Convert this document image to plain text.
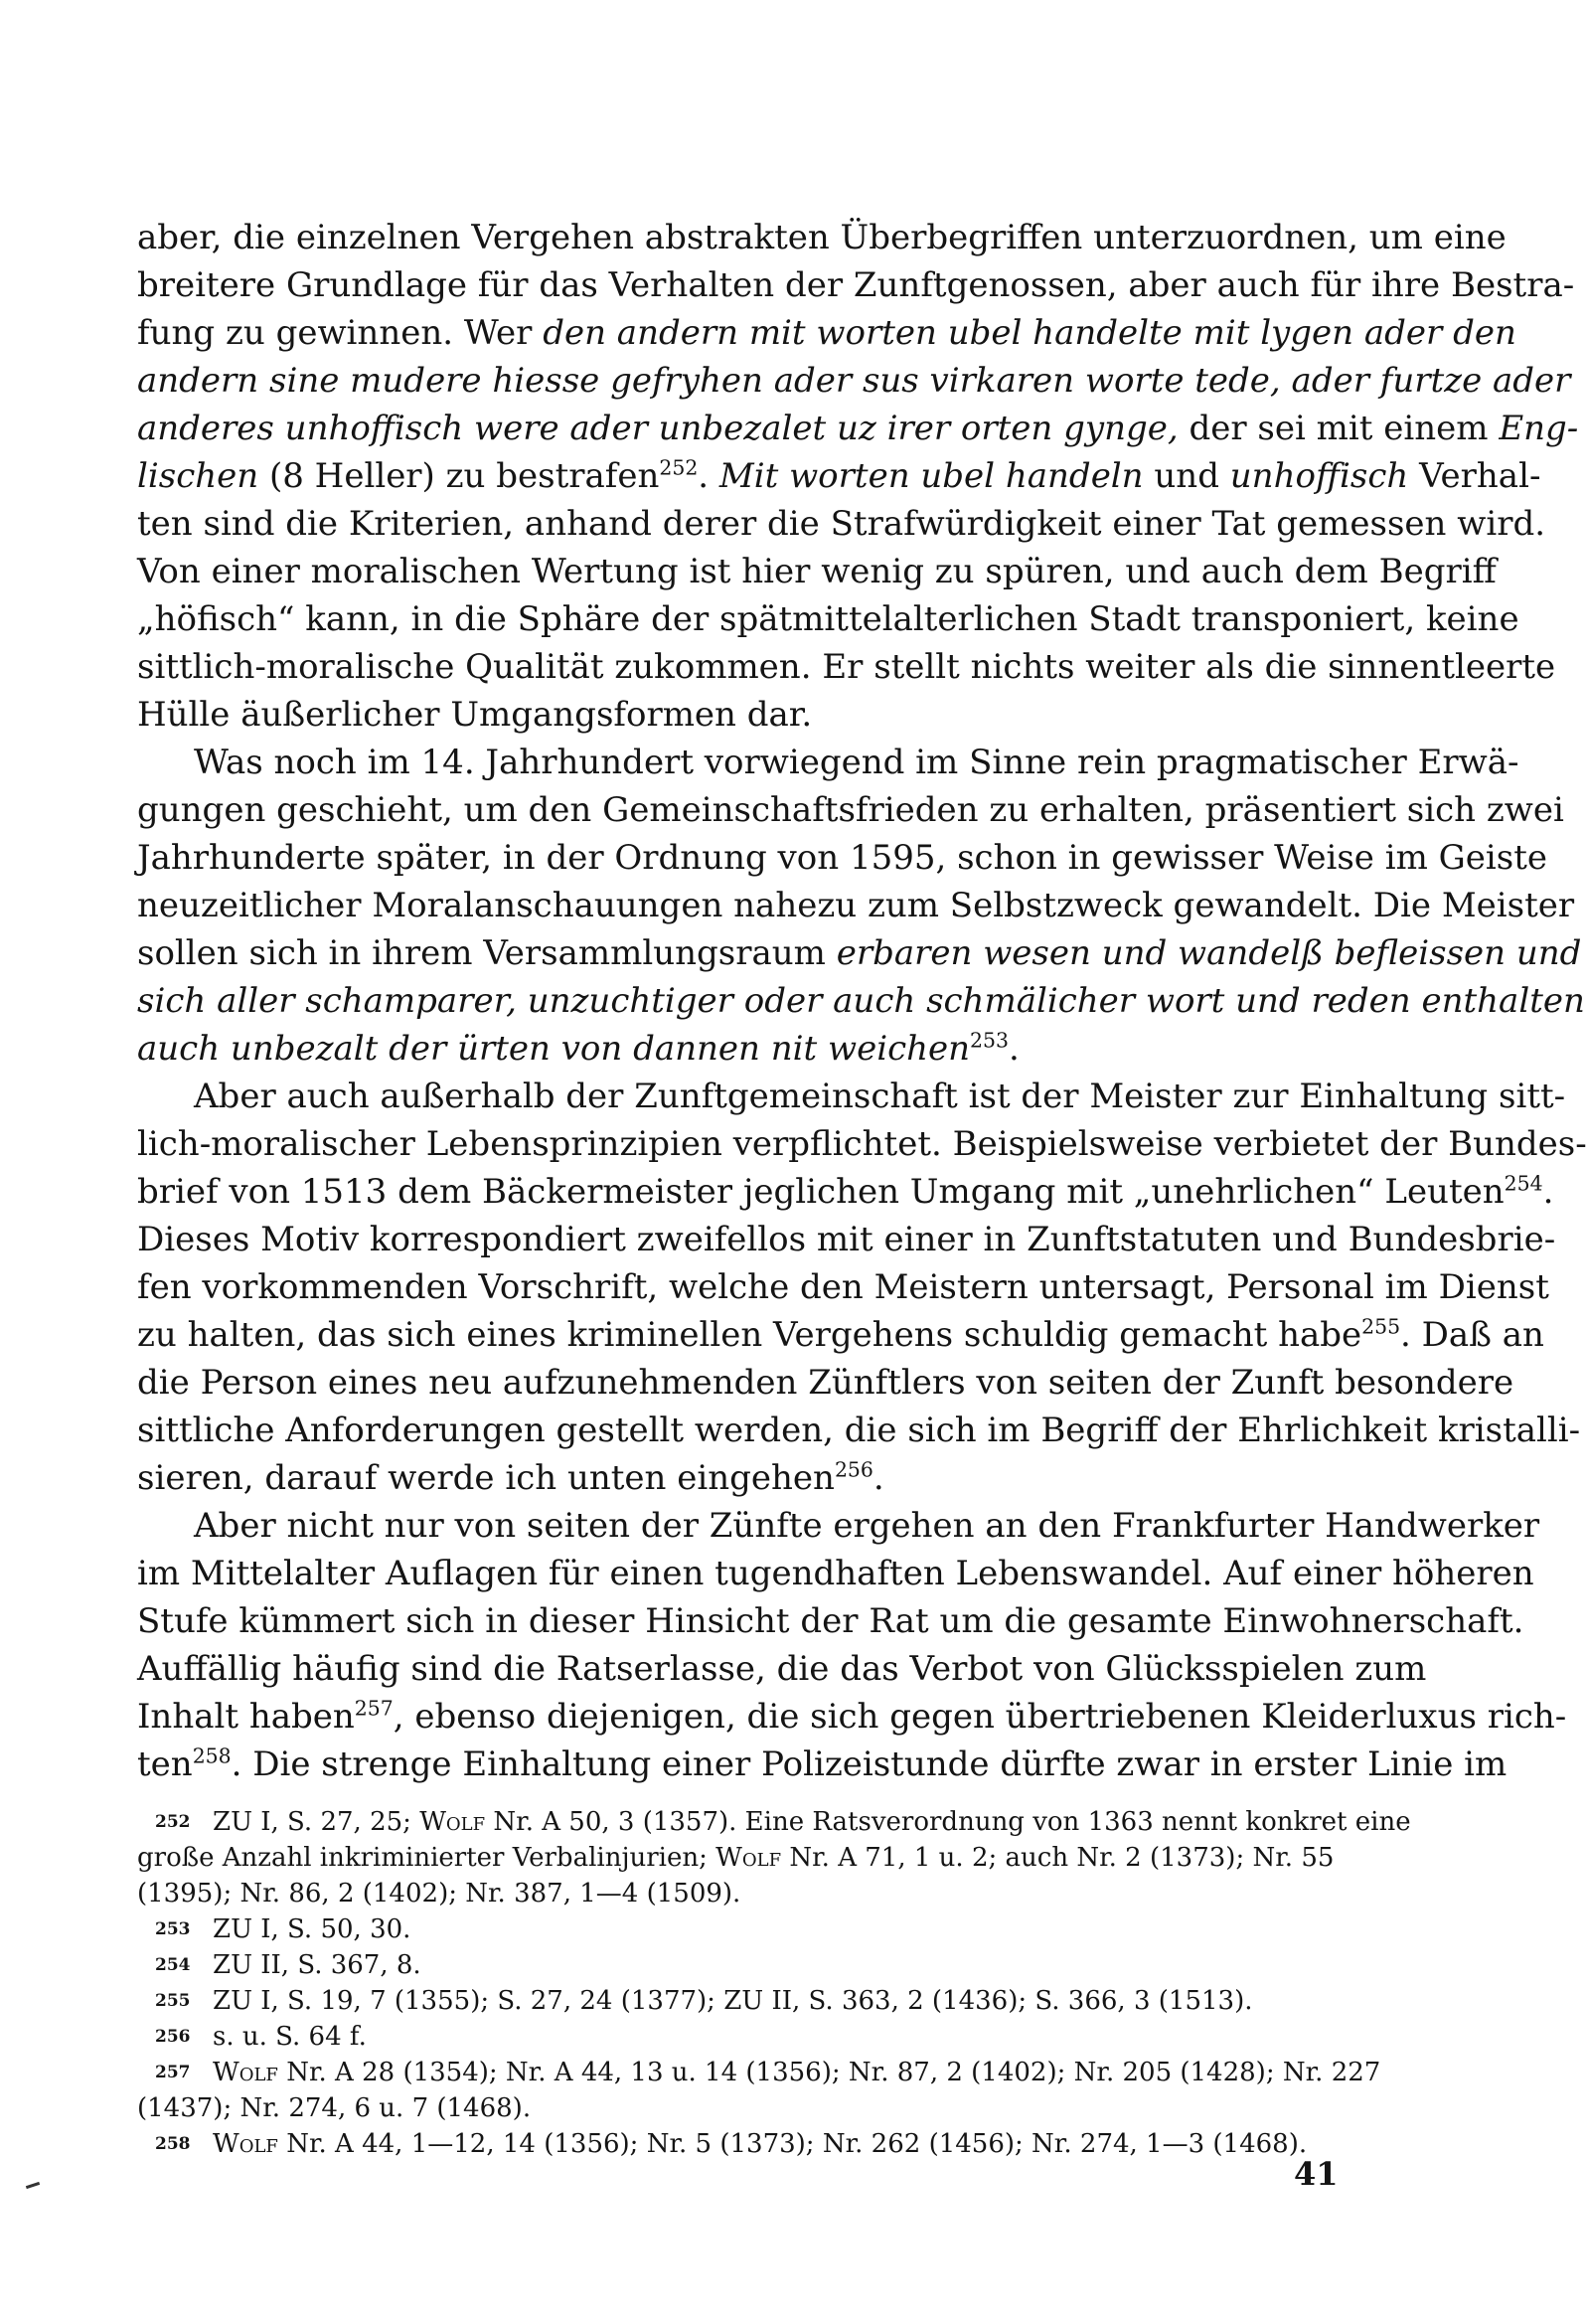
aber, die einzelnen Vergehen abstrakten Überbegriffen unterzuordnen, um eine
breitere Grundlage für das Verhalten der Zunftgenossen, aber auch für ihre Bestra-
fung zu gewinnen. Wer den andern mit worten ubel handelte mit lygen ader den
andern sine mudere hiesse gefryhen ader sus virkaren worte tede, ader furtze ader
anderes unhoffisch were ader unbezalet uz irer orten gynge, der sei mit einem Eng-
lischen (8 Heller) zu bestrafen$^{252}$. Mit worten ubel handeln und unhoffisch Verhal-
ten sind die Kriterien, anhand derer die Strafwürdigkeit einer Tat gemessen wird.
Von einer moralischen Wertung ist hier wenig zu spüren, und auch dem Begriff
„höfisch“ kann, in die Sphäre der spätmittelalterlichen Stadt transponiert, keine
sittlich-moralische Qualität zukommen. Er stellt nichts weiter als die sinnentleerte
Hülle äußerlicher Umgangsformen dar.
Was noch im 14. Jahrhundert vorwiegend im Sinne rein pragmatischer Erwä-
gungen geschieht, um den Gemeinschaftsfrieden zu erhalten, präsentiert sich zwei
Jahrhunderte später, in der Ordnung von 1595, schon in gewisser Weise im Geiste
neuzeitlicher Moralanschauungen nahezu zum Selbstzweck gewandelt. Die Meister
sollen sich in ihrem Versammlungsraum erbaren wesen und wandelß befleissen und
sich aller schamparer, unzuchtiger oder auch schmälicher wort und reden enthalten
auch unbezalt der ürten von dannen nit weichen$^{253}$.
Aber auch außerhalb der Zunftgemeinschaft ist der Meister zur Einhaltung sitt-
lich-moralischer Lebensprinzipien verpflichtet. Beispielsweise verbietet der Bundes-
brief von 1513 dem Bäckermeister jeglichen Umgang mit „unehrlichen“ Leuten$^{254}$.
Dieses Motiv korrespondiert zweifellos mit einer in Zunftstatuten und Bundesbrie-
fen vorkommenden Vorschrift, welche den Meistern untersagt, Personal im Dienst
zu halten, das sich eines kriminellen Vergehens schuldig gemacht habe$^{255}$. Daß an
die Person eines neu aufzunehmenden Zünftlers von seiten der Zunft besondere
sittliche Anforderungen gestellt werden, die sich im Begriff der Ehrlichkeit kristalli-
sieren, darauf werde ich unten eingehen$^{256}$.
Aber nicht nur von seiten der Zünfte ergehen an den Frankfurter Handwerker
im Mittelalter Auflagen für einen tugendhaften Lebenswandel. Auf einer höheren
Stufe kümmert sich in dieser Hinsicht der Rat um die gesamte Einwohnerschaft.
Auffällig häufig sind die Ratserlasse, die das Verbot von Glücksspielen zum
Inhalt haben$^{257}$, ebenso diejenigen, die sich gegen übertriebenen Kleiderluxus rich-
ten$^{258}$. Die strenge Einhaltung einer Polizeistunde dürfte zwar in erster Linie im
252 ZU I, S. 27, 25; Wolf Nr. A 50, 3 (1357). Eine Ratsverordnung von 1363 nennt konkret eine
große Anzahl inkriminierter Verbalinjurien; Wolf Nr. A 71, 1 u. 2; auch Nr. 2 (1373); Nr. 55
(1395); Nr. 86, 2 (1402); Nr. 387, 1—4 (1509).
253 ZU I, S. 50, 30.
254 ZU II, S. 367, 8.
255 ZU I, S. 19, 7 (1355); S. 27, 24 (1377); ZU II, S. 363, 2 (1436); S. 366, 3 (1513).
256 s. u. S. 64 f.
257 Wolf Nr. A 28 (1354); Nr. A 44, 13 u. 14 (1356); Nr. 87, 2 (1402); Nr. 205 (1428); Nr. 227
(1437); Nr. 274, 6 u. 7 (1468).
258 Wolf Nr. A 44, 1—12, 14 (1356); Nr. 5 (1373); Nr. 262 (1456); Nr. 274, 1—3 (1468).
41
